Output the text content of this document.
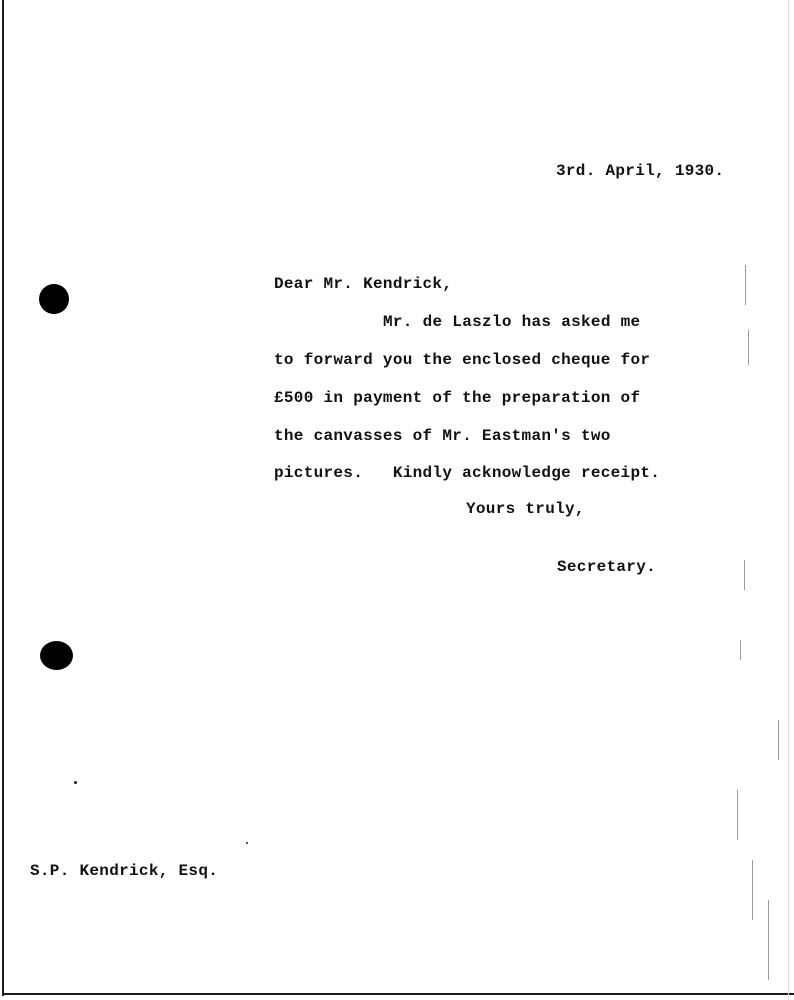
3rd. April, 1930.
Dear Mr. Kendrick,
Mr. de Laszlo has asked me
to forward you the enclosed cheque for
£500 in payment of the preparation of
the canvasses of Mr. Eastman's two
pictures.   Kindly acknowledge receipt.
Yours truly,
Secretary.
S.P. Kendrick, Esq.
